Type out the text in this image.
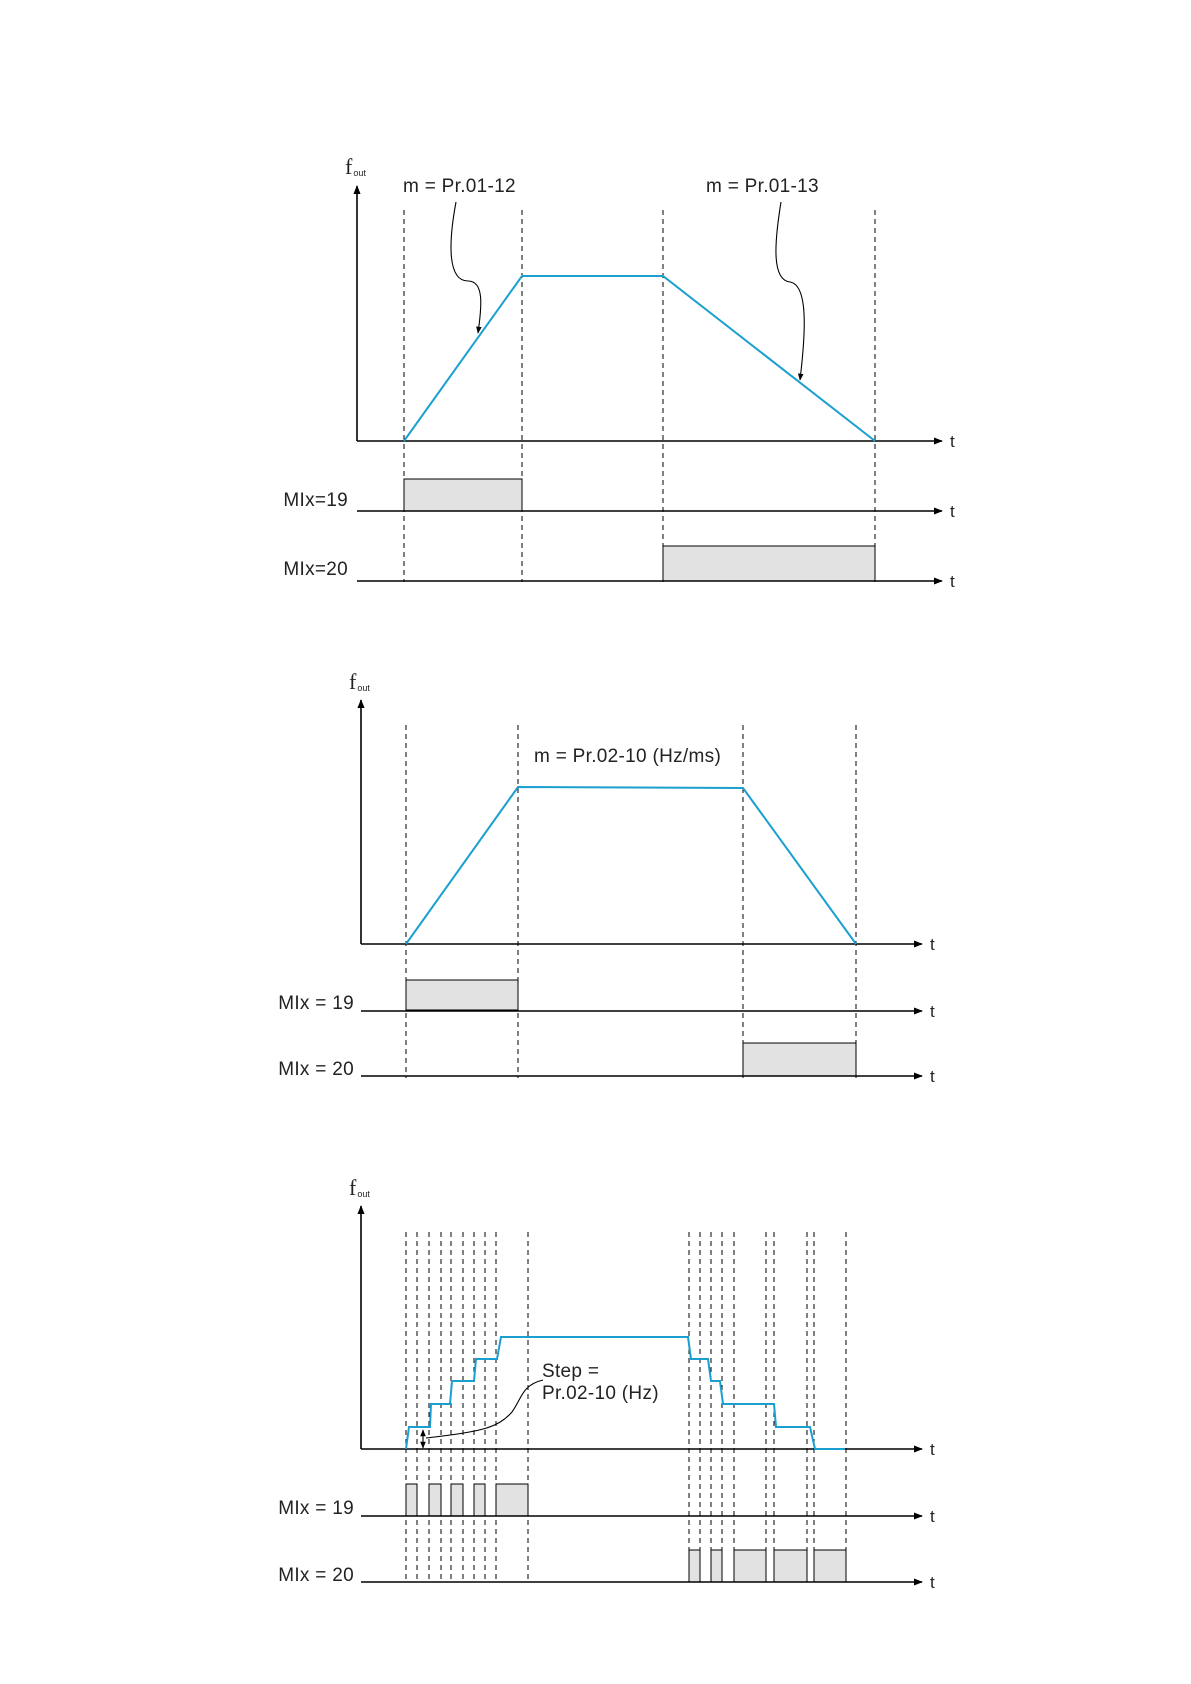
fout
t
m = Pr.01-12	m = Pr.01-13
t
MIx=19
t
MIx=20
fout
t
m = Pr.02-10 (Hz/ms)
t
MIx = 19
t
MIx = 20
fout
t
Step =
Pr.02-10 (Hz)
t
MIx = 19
t
MIx = 20
